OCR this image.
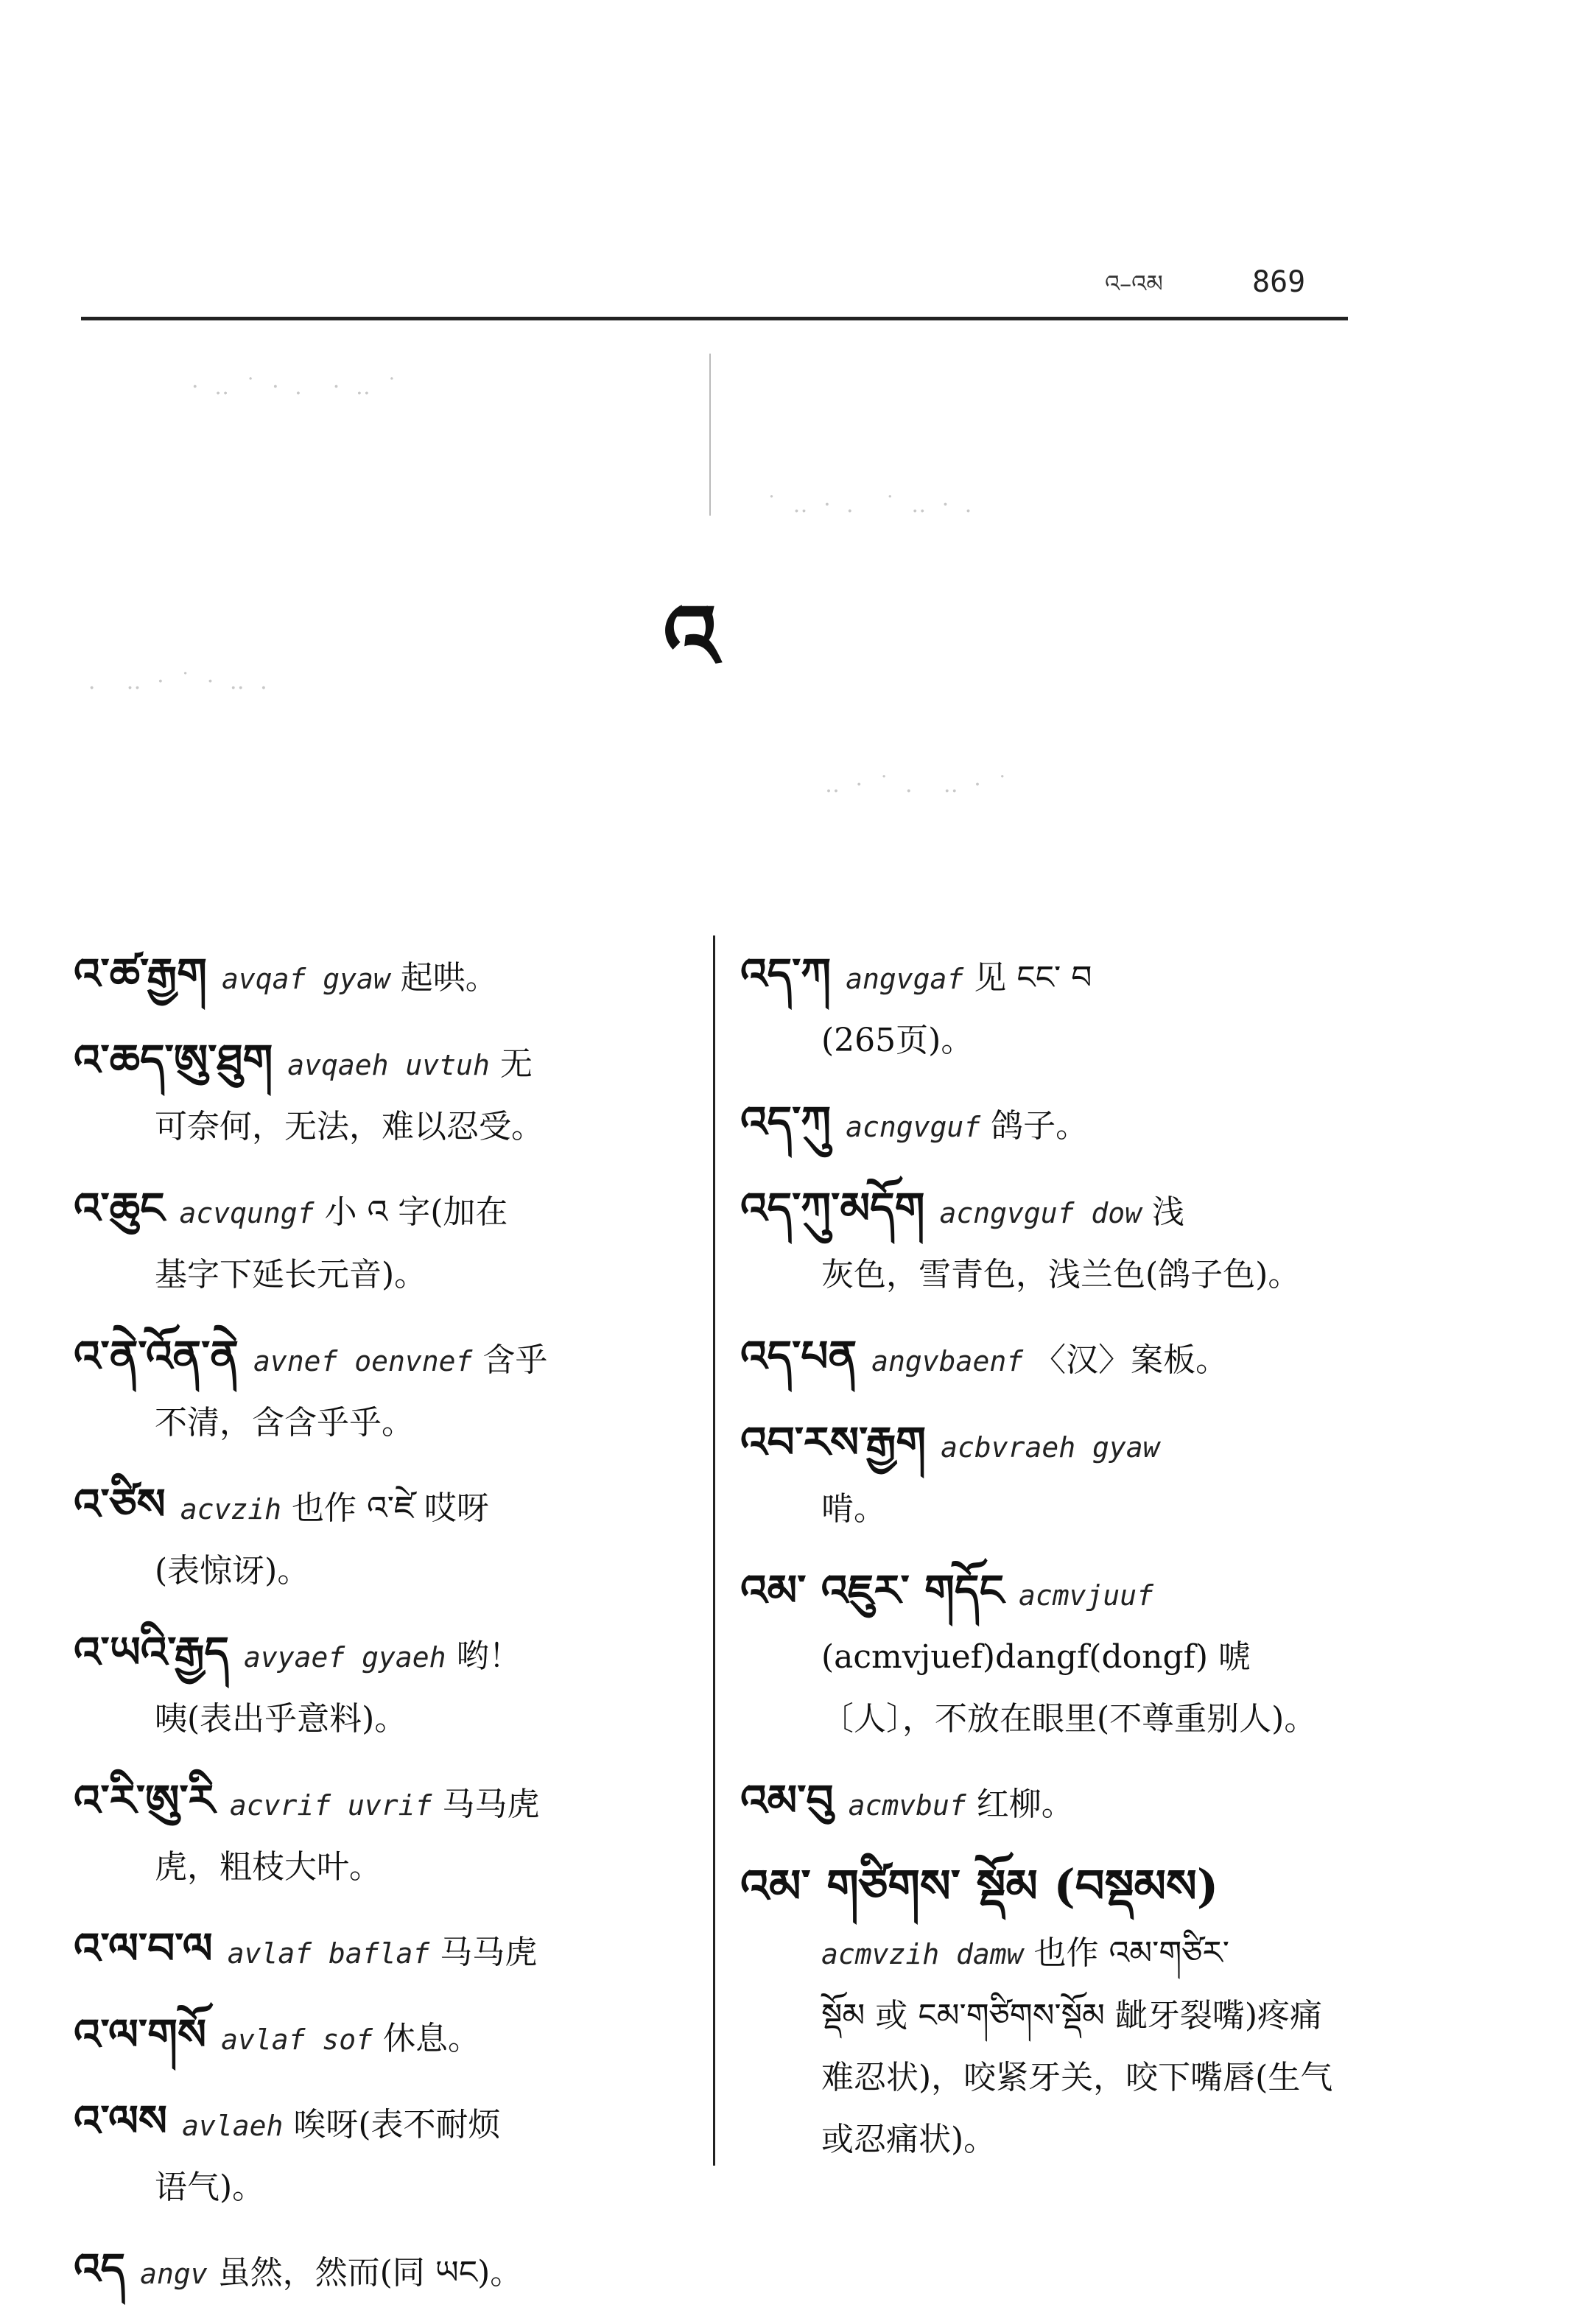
འ–འམ	869
འ
· ‥ ˙ · ． · ‥ ˙
˙ ‥ · ． ˙ ‥ · ．
． ‥ · ˙ · ‥ ．
‥ · ˙ ． ‥ · ˙
འ་ཚ་རྒྱག avqaf gyaw 起哄。
འ་ཆད་ཨུ་ཐུག avqaeh uvtuh 无
可奈何，无法，难以忍受。
འ་ཆུང acvqungf 小 འ 字(加在
基字下延长元音)。
འ་ནེ་འོན་ནེ avnef oenvnef 含乎
不清，含含乎乎。
འ་ཙིས acvzih 也作 འ་ཛེ 哎呀
(表惊讶)。
འ་ཡའི་རྒྱད avyaef gyaeh 哟！
咦(表出乎意料)。
འ་རི་ཨུ་རི acvrif uvrif 马马虎
虎，粗枝大叶。
འ་ལ་བ་ལ avlaf baflaf 马马虎
འ་ལ་གསོ avlaf sof 休息。
འ་ལས avlaeh 唉呀(表不耐烦
语气)。
འད angv 虽然，然而(同 ཡང)。
འད་ཀ angvgaf 见 ངང་ བ
(265页)。
འད་ཀུ acngvguf 鸽子。
འད་ཀུ་མདོག acngvguf dow 浅
灰色，雪青色，浅兰色(鸽子色)。
འད་པན angvbaenf 〈汉〉案板。
འབ་རས་རྒྱག acbvraeh gyaw
啃。
འམ་ འཇུར་ གདོང acmvjuuf
(acmvjuef)dangf(dongf) 唬〔人〕，不放在眼里(不尊重别人)。
འམ་བུ acmvbuf 红柳。
འམ་ གཙིགས་ སྡོམ (བསྡམས)
acmvzih damw 也作 འམ་གཙིར་
སྡོམ 或 ངམ་གཙིགས་སྡོམ 龇牙裂嘴)疼痛难忍状)，咬紧牙关，咬下嘴唇(生气或忍痛状)。
